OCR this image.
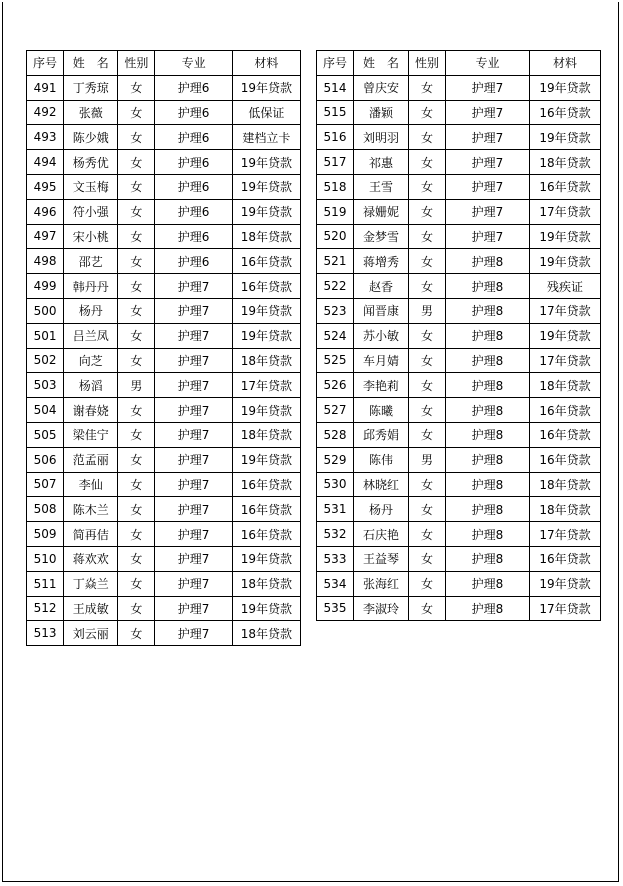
序号	姓　名	性别	专业	材料
491	丁秀琼	女	护理6	19年贷款
492	张薇	女	护理6	低保证
493	陈少娥	女	护理6	建档立卡
494	杨秀优	女	护理6	19年贷款
495	文玉梅	女	护理6	19年贷款
496	符小强	女	护理6	19年贷款
497	宋小桃	女	护理6	18年贷款
498	邵艺	女	护理6	16年贷款
499	韩丹丹	女	护理7	16年贷款
500	杨丹	女	护理7	19年贷款
501	吕兰凤	女	护理7	19年贷款
502	向芝	女	护理7	18年贷款
503	杨滔	男	护理7	17年贷款
504	谢春娆	女	护理7	19年贷款
505	梁佳宁	女	护理7	18年贷款
506	范孟丽	女	护理7	19年贷款
507	李仙	女	护理7	16年贷款
508	陈木兰	女	护理7	16年贷款
509	简再佶	女	护理7	16年贷款
510	蒋欢欢	女	护理7	19年贷款
511	丁焱兰	女	护理7	18年贷款
512	王成敏	女	护理7	19年贷款
513	刘云丽	女	护理7	18年贷款
序号	姓　名	性别	专业	材料
514	曾庆安	女	护理7	19年贷款
515	潘颖	女	护理7	16年贷款
516	刘明羽	女	护理7	19年贷款
517	祁惠	女	护理7	18年贷款
518	王雪	女	护理7	16年贷款
519	禄姗妮	女	护理7	17年贷款
520	金梦雪	女	护理7	19年贷款
521	蒋增秀	女	护理8	19年贷款
522	赵香	女	护理8	残疾证
523	闻晋康	男	护理8	17年贷款
524	苏小敏	女	护理8	19年贷款
525	车月婧	女	护理8	17年贷款
526	李艳莉	女	护理8	18年贷款
527	陈曦	女	护理8	16年贷款
528	邱秀娟	女	护理8	16年贷款
529	陈伟	男	护理8	16年贷款
530	林晓红	女	护理8	18年贷款
531	杨丹	女	护理8	18年贷款
532	石庆艳	女	护理8	17年贷款
533	王益琴	女	护理8	16年贷款
534	张海红	女	护理8	19年贷款
535	李淑玲	女	护理8	17年贷款
